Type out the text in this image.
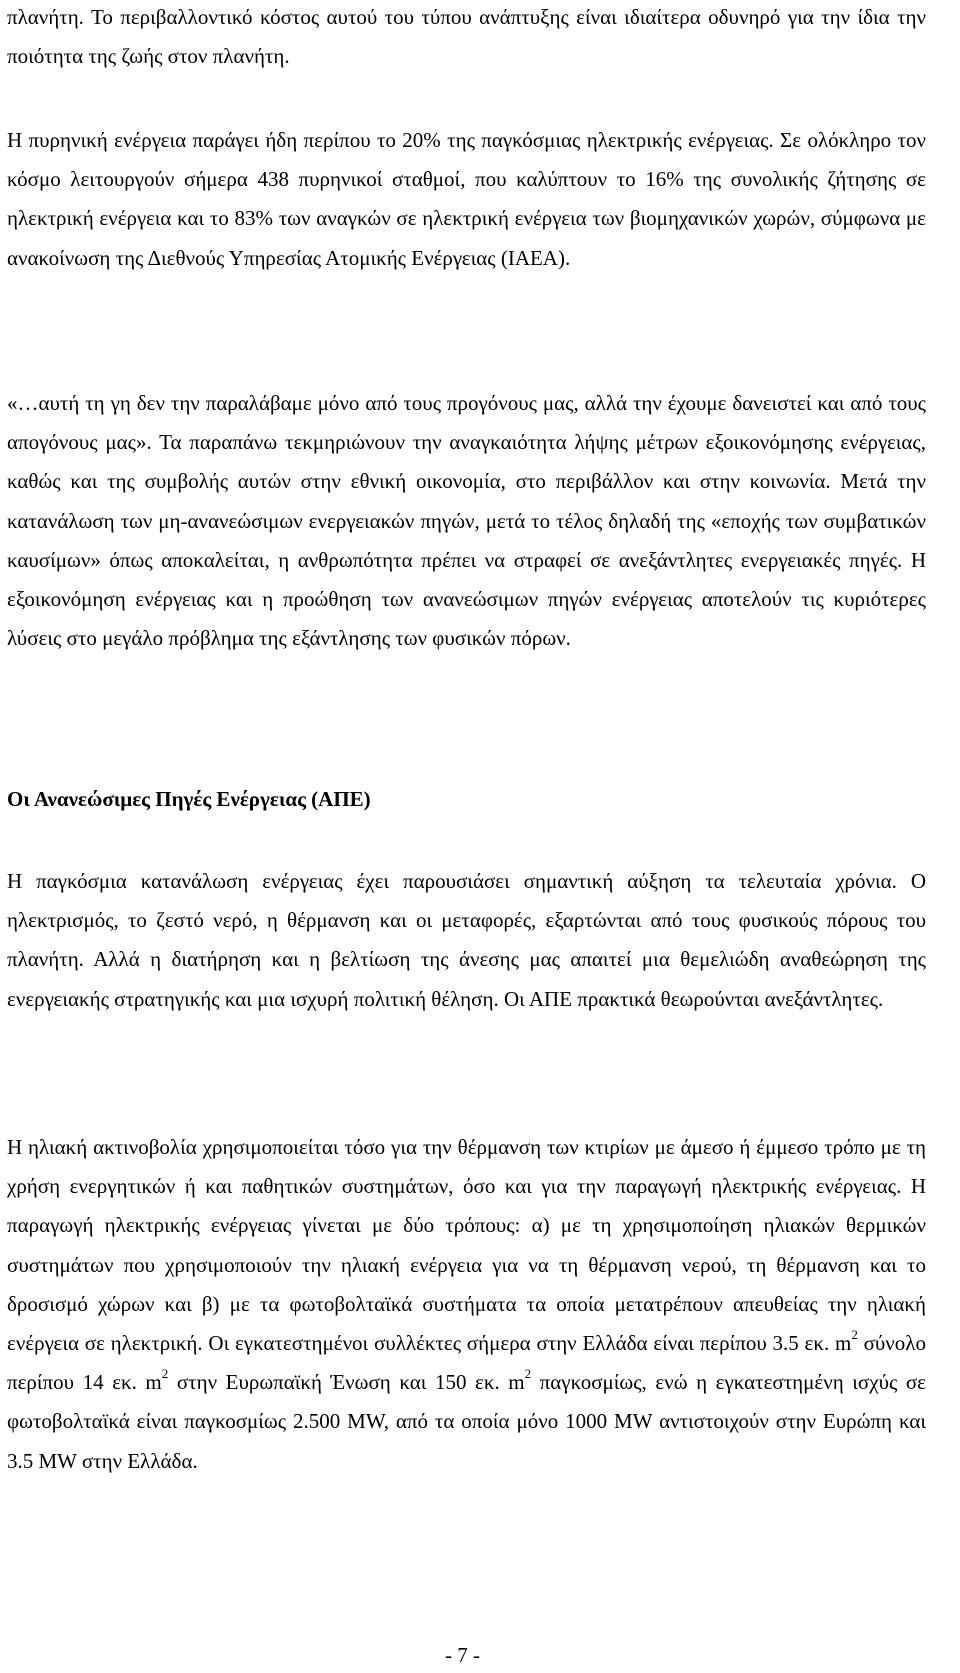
πλανήτη. Το περιβαλλοντικό κόστος αυτού του τύπου ανάπτυξης είναι ιδιαίτερα οδυνηρό για την ίδια την ποιότητα της ζωής στον πλανήτη.

Η πυρηνική ενέργεια παράγει ήδη περίπου το 20% της παγκόσμιας ηλεκτρικής ενέργειας. Σε ολόκληρο τον κόσμο λειτουργούν σήμερα 438 πυρηνικοί σταθμοί, που καλύπτουν το 16% της συνολικής ζήτησης σε ηλεκτρική ενέργεια και το 83% των αναγκών σε ηλεκτρική ενέργεια των βιομηχανικών χωρών, σύμφωνα με ανακοίνωση της Διεθνούς Υπηρεσίας Ατομικής Ενέργειας (IAEA).

«…αυτή τη γη δεν την παραλάβαμε μόνο από τους προγόνους μας, αλλά την έχουμε δανειστεί και από τους απογόνους μας». Τα παραπάνω τεκμηριώνουν την αναγκαιότητα λήψης μέτρων εξοικονόμησης ενέργειας, καθώς και της συμβολής αυτών στην εθνική οικονομία, στο περιβάλλον και στην κοινωνία. Μετά την κατανάλωση των μη-ανανεώσιμων ενεργειακών πηγών, μετά το τέλος δηλαδή της «εποχής των συμβατικών καυσίμων» όπως αποκαλείται, η ανθρωπότητα πρέπει να στραφεί σε ανεξάντλητες ενεργειακές πηγές. Η εξοικονόμηση ενέργειας και η προώθηση των ανανεώσιμων πηγών ενέργειας αποτελούν τις κυριότερες λύσεις στο μεγάλο πρόβλημα της εξάντλησης των φυσικών πόρων.

Οι Ανανεώσιμες Πηγές Ενέργειας (ΑΠΕ)

Η παγκόσμια κατανάλωση ενέργειας έχει παρουσιάσει σημαντική αύξηση τα τελευταία χρόνια. Ο ηλεκτρισμός, το ζεστό νερό, η θέρμανση και οι μεταφορές, εξαρτώνται από τους φυσικούς πόρους του πλανήτη. Αλλά η διατήρηση και η βελτίωση της άνεσης μας απαιτεί μια θεμελιώδη αναθεώρηση της ενεργειακής στρατηγικής και μια ισχυρή πολιτική θέληση. Οι ΑΠΕ πρακτικά θεωρούνται ανεξάντλητες.

Η ηλιακή ακτινοβολία χρησιμοποιείται τόσο για την θέρμανση των κτιρίων με άμεσο ή έμμεσο τρόπο με τη χρήση ενεργητικών ή και παθητικών συστημάτων, όσο και για την παραγωγή ηλεκτρικής ενέργειας. Η παραγωγή ηλεκτρικής ενέργειας γίνεται με δύο τρόπους: α) με τη χρησιμοποίηση ηλιακών θερμικών συστημάτων που χρησιμοποιούν την ηλιακή ενέργεια για να τη θέρμανση νερού, τη θέρμανση και το δροσισμό χώρων και β) με τα φωτοβολταϊκά συστήματα τα οποία μετατρέπουν απευθείας την ηλιακή ενέργεια σε ηλεκτρική. Οι εγκατεστημένοι συλλέκτες σήμερα στην Ελλάδα είναι περίπου 3.5 εκ. $m^2$ σύνολο περίπου 14 εκ. $m^2$ στην Ευρωπαϊκή Ένωση και 150 εκ. $m^2$ παγκοσμίως, ενώ η εγκατεστημένη ισχύς σε φωτοβολταϊκά είναι παγκοσμίως 2.500 MW, από τα οποία μόνο 1000 MW αντιστοιχούν στην Ευρώπη και 3.5 MW στην Ελλάδα.

- 7 -
